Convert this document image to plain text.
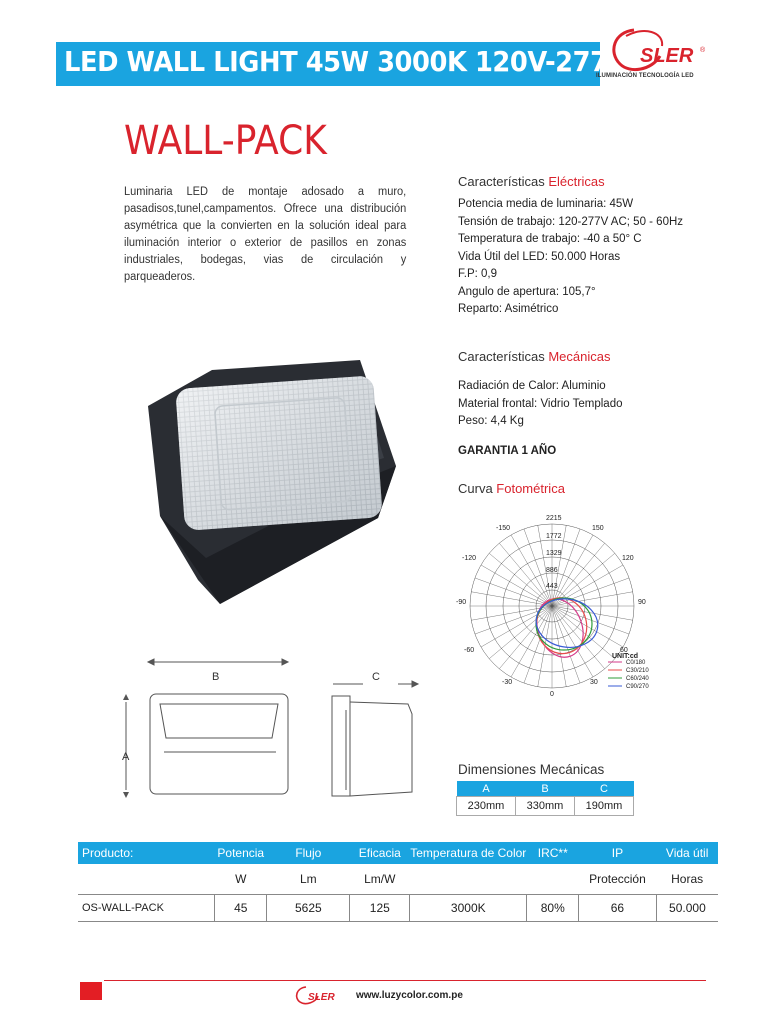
LED WALL LIGHT 45W 3000K 120V-277V SLER ®
ILUMINACIÓN TECNOLOGÍA LED
WALL-PACK
Luminaria LED de montaje adosado a muro, pasadisos,tunel,campamentos. Ofrece una distribución asymétrica que la convierten en la solución ideal para iluminación interior o exterior de pasillos en zonas industriales, bodegas, vias de circulación y parqueaderos.
Características Eléctricas
Potencia media de luminaria: 45W
Tensión de trabajo: 120-277V AC; 50 - 60Hz
Temperatura de trabajo: -40 a 50° C
Vida Útil del LED: 50.000 Horas
F.P: 0,9
Angulo de apertura: 105,7°
Reparto: Asimétrico
Características Mecánicas
Radiación de Calor: Aluminio
Material frontal: Vidrio Templado
Peso: 4,4 Kg
GARANTIA 1 AÑO
Curva Fotométrica
2215
1772
1329
886
443
-150	150
-120	120
-90	90
-60	60
-30	30
0
UNIT:cd
C0/180
C30/210
C60/240
C90/270
B	C
A
Dimensiones Mecánicas
A	B	C
230mm	330mm	190mm
Producto:	Potencia	Flujo	Eficacia	Temperatura de Color	IRC**	IP	Vida útil
	W	Lm	Lm/W			Protección	Horas
OS-WALL-PACK	45	5625	125	3000K	80%	66	50.000
SLER www.luzycolor.com.pe
